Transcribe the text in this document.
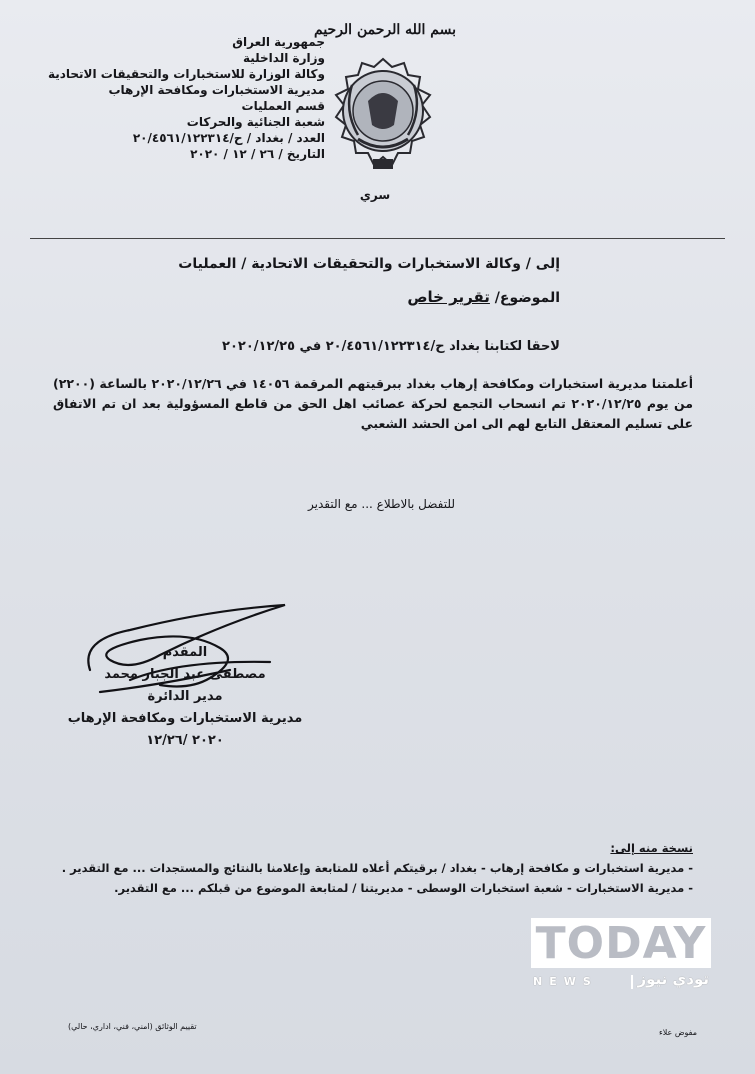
جمهورية العراق
وزارة الداخلية
وكالة الوزارة للاستخبارات والتحقيقات الاتحادية
مديرية الاستخبارات ومكافحة الإرهاب
قسم العمليات
شعبة الجنائية والحركات
العدد / بغداد / ح/٢٠/٤٥٦١/١٢٢٣١٤
التاريخ / ٢٦ / ١٢ / ٢٠٢٠
بسم الله الرحمن الرحيم
سري
إلى / وكالة الاستخبارات والتحقيقات الاتحادية / العمليات
الموضوع/ تقرير خاص
لاحقا لكتابنا بغداد ح/٢٠/٤٥٦١/١٢٢٣١٤ في ٢٠٢٠/١٢/٢٥
أعلمتنا مديرية استخبارات ومكافحة إرهاب بغداد ببرقيتهم المرقمة ١٤٠٥٦ في ٢٠٢٠/١٢/٢٦ بالساعة (٢٢٠٠) من يوم ٢٠٢٠/١٢/٢٥ تم انسحاب التجمع لحركة عصائب اهل الحق من قاطع المسؤولية بعد ان تم الاتفاق على تسليم المعتقل التابع لهم الى امن الحشد الشعبي
للتفضل بالاطلاع ... مع التقدير
المقدم
مصطفى عبد الجبار محمد
مدير الدائرة
مديرية الاستخبارات ومكافحة الإرهاب
٢٠٢٠ /١٢/٢٦
نسخة منه إلى:
- مديرية استخبارات و مكافحة إرهاب - بغداد / برقيتكم أعلاه للمتابعة وإعلامنا بالنتائج والمستجدات ... مع التقدير .
- مديرية الاستخبارات - شعبة استخبارات الوسطى - مديريتنا / لمتابعة الموضوع من قبلكم ... مع التقدير.
تقييم الوثائق (امني، فني، اداري، حالي)
مفوض علاء
TODAY
NEWS	تودي نيوز
